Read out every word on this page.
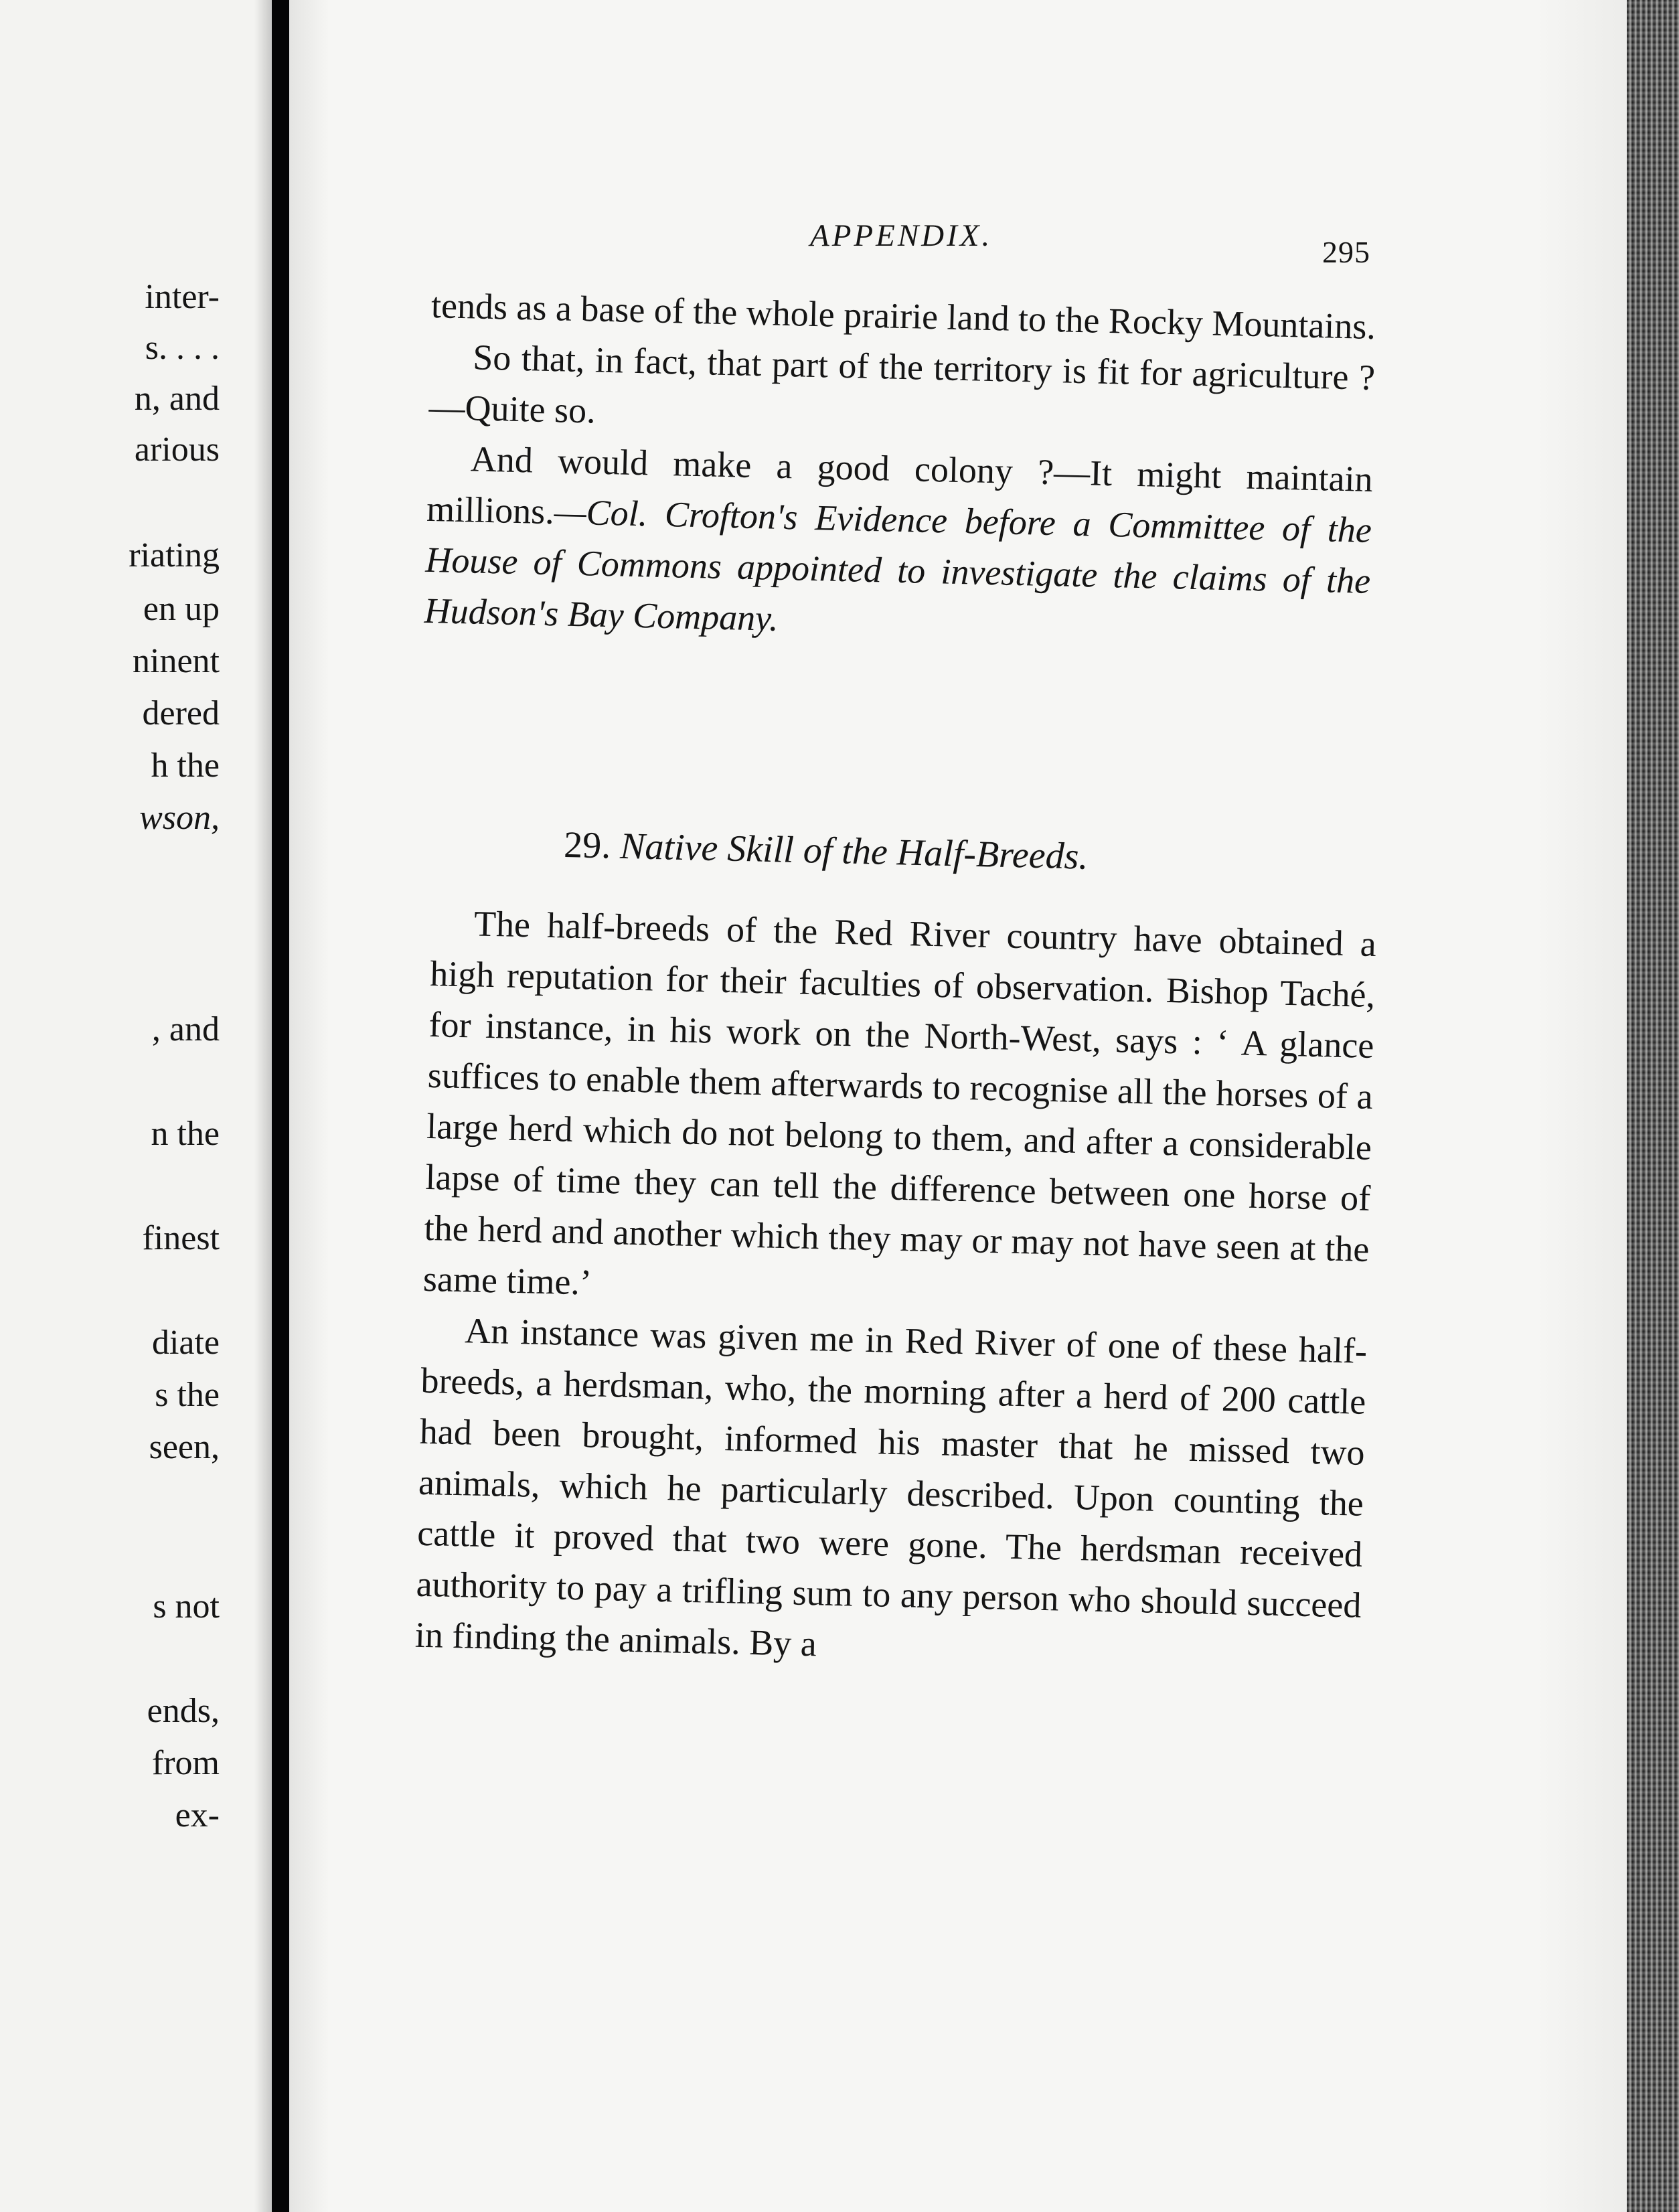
inter-
s. . . .
n, and
arious
riating
en up
ninent
dered
h the
wson,
, and
n the
finest
diate
s the
seen,
s not
ends,
from
ex-
APPENDIX.	295

tends as a base of the whole prairie land to the Rocky Mountains.

So that, in fact, that part of the territory is fit for agriculture ?—Quite so.

And would make a good colony ?—It might maintain millions.—Col. Crofton's Evidence before a Committee of the House of Commons appointed to investigate the claims of the Hudson's Bay Company.

29. Native Skill of the Half-Breeds.

The half-breeds of the Red River country have obtained a high reputation for their faculties of observation. Bishop Taché, for instance, in his work on the North-West, says : ‘ A glance suffices to enable them afterwards to recognise all the horses of a large herd which do not belong to them, and after a considerable lapse of time they can tell the difference between one horse of the herd and another which they may or may not have seen at the same time.’

An instance was given me in Red River of one of these half-breeds, a herdsman, who, the morning after a herd of 200 cattle had been brought, informed his master that he missed two animals, which he particularly described. Upon counting the cattle it proved that two were gone. The herdsman received authority to pay a trifling sum to any person who should succeed in finding the animals. By a
